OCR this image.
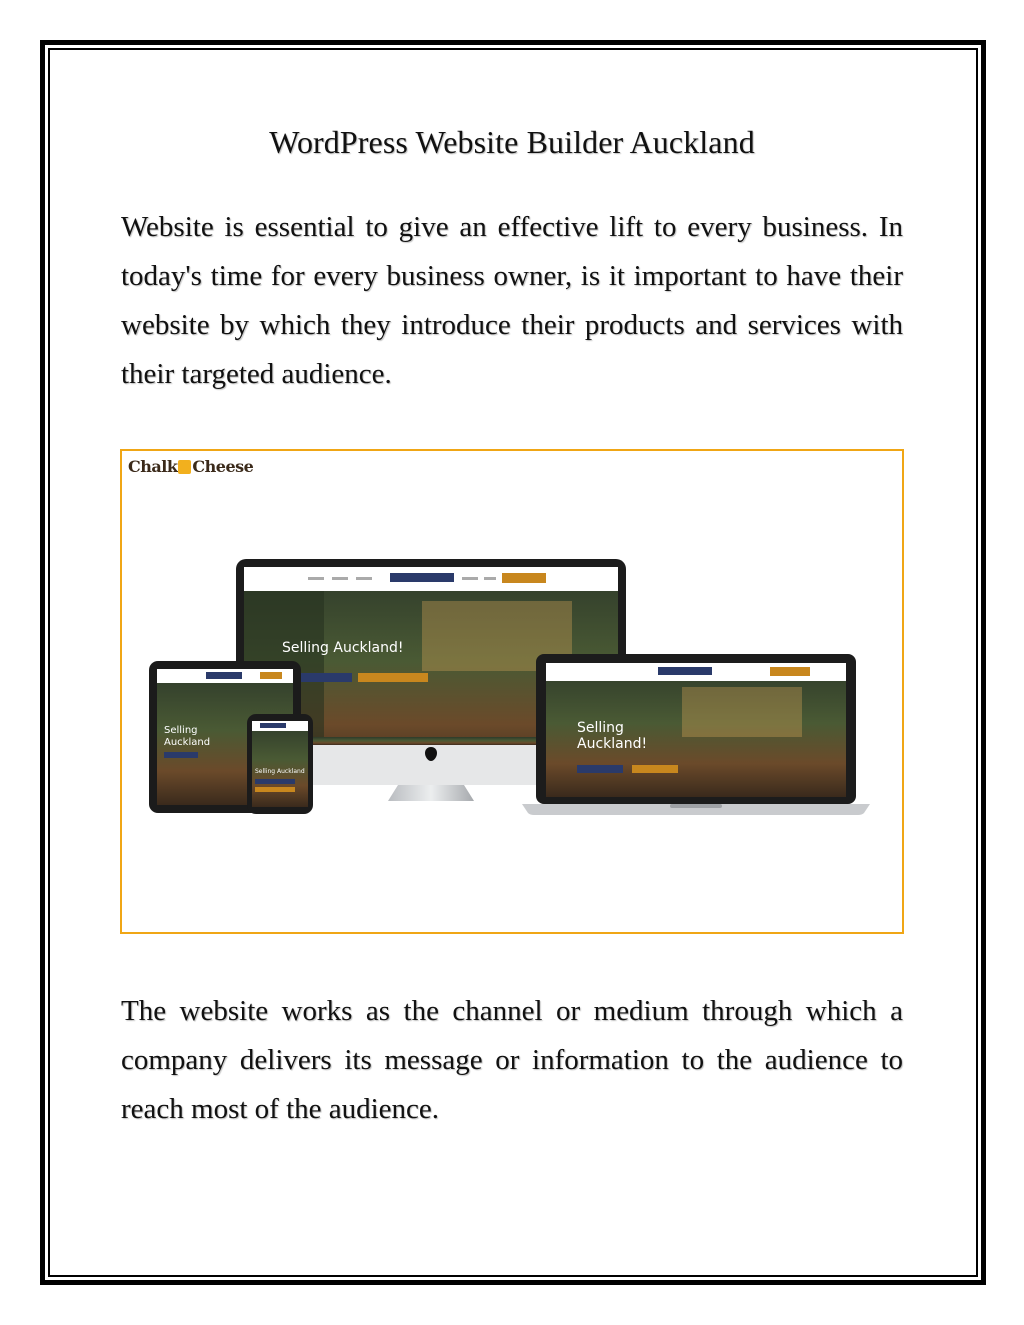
WordPress Website Builder Auckland
Website is essential to give an effective lift to every business. In today's time for every business owner, is it important to have their website by which they introduce their products and services with their targeted audience.
Chalk Cheese
Selling Auckland!
Selling
Auckland!
Selling
Auckland
Selling Auckland
The website works as the channel or medium through which a company delivers its message or information to the audience to reach most of the audience.
